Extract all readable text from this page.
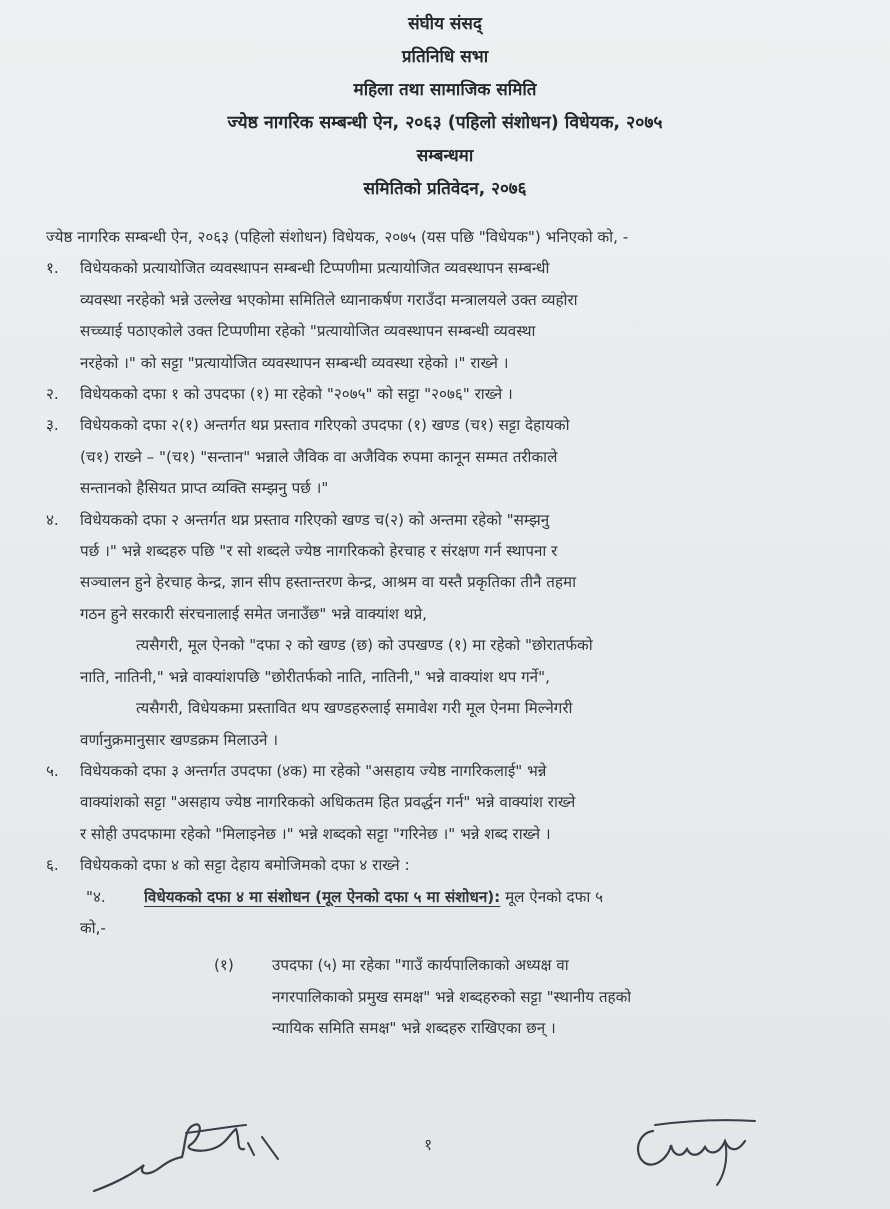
संघीय संसद्
प्रतिनिधि सभा
महिला तथा सामाजिक समिति
ज्येष्ठ नागरिक सम्बन्धी ऐन, २०६३ (पहिलो संशोधन) विधेयक, २०७५
सम्बन्धमा
समितिको प्रतिवेदन, २०७६
ज्येष्ठ नागरिक सम्बन्धी ऐन, २०६३ (पहिलो संशोधन) विधेयक, २०७५ (यस पछि "विधेयक") भनिएको को, -
१.	विधेयकको प्रत्यायोजित व्यवस्थापन सम्बन्धी टिप्पणीमा प्रत्यायोजित व्यवस्थापन सम्बन्धी
व्यवस्था नरहेको भन्ने उल्लेख भएकोमा समितिले ध्यानाकर्षण गराउँदा मन्त्रालयले उक्त व्यहोरा
सच्च्याई पठाएकोले उक्त टिप्पणीमा रहेको "प्रत्यायोजित व्यवस्थापन सम्बन्धी व्यवस्था
नरहेको ।" को सट्टा "प्रत्यायोजित व्यवस्थापन सम्बन्धी व्यवस्था रहेको ।" राख्ने ।
२.	विधेयकको दफा १ को उपदफा (१) मा रहेको "२०७५" को सट्टा "२०७६" राख्ने ।
३.	विधेयकको दफा २(१) अन्तर्गत थप्न प्रस्ताव गरिएको उपदफा (१) खण्ड (च१) सट्टा देहायको
(च१) राख्ने – "(च१) "सन्तान" भन्नाले जैविक वा अजैविक रुपमा कानून सम्मत तरीकाले
सन्तानको हैसियत प्राप्त व्यक्ति सम्झनु पर्छ ।"
४.	विधेयकको दफा २ अन्तर्गत थप्न प्रस्ताव गरिएको खण्ड च(२) को अन्तमा रहेको "सम्झनु
पर्छ ।" भन्ने शब्दहरु पछि "र सो शब्दले ज्येष्ठ नागरिकको हेरचाह र संरक्षण गर्न स्थापना र
सञ्चालन हुने हेरचाह केन्द्र, ज्ञान सीप हस्तान्तरण केन्द्र, आश्रम वा यस्तै प्रकृतिका तीनै तहमा
गठन हुने सरकारी संरचनालाई समेत जनाउँछ" भन्ने वाक्यांश थप्ने,
त्यसैगरी, मूल ऐनको "दफा २ को खण्ड (छ) को उपखण्ड (१) मा रहेको "छोरातर्फको
नाति, नातिनी," भन्ने वाक्यांशपछि "छोरीतर्फको नाति, नातिनी," भन्ने वाक्यांश थप गर्ने",
त्यसैगरी, विधेयकमा प्रस्तावित थप खण्डहरुलाई समावेश गरी मूल ऐनमा मिल्नेगरी
वर्णानुक्रमानुसार खण्डक्रम मिलाउने ।
५.	विधेयकको दफा ३ अन्तर्गत उपदफा (४क) मा रहेको "असहाय ज्येष्ठ नागरिकलाई" भन्ने
वाक्यांशको सट्टा "असहाय ज्येष्ठ नागरिकको अधिकतम हित प्रवर्द्धन गर्न" भन्ने वाक्यांश राख्ने
र सोही उपदफामा रहेको "मिलाइनेछ ।" भन्ने शब्दको सट्टा "गरिनेछ ।" भन्ने शब्द राख्ने ।
६.	विधेयकको दफा ४ को सट्टा देहाय बमोजिमको दफा ४ राख्ने :
"४.	विधेयकको दफा ४ मा संशोधन (मूल ऐनको दफा ५ मा संशोधन): मूल ऐनको दफा ५
को,-
(१)	उपदफा (५) मा रहेका "गाउँ कार्यपालिकाको अध्यक्ष वा
नगरपालिकाको प्रमुख समक्ष" भन्ने शब्दहरुको सट्टा "स्थानीय तहको
न्यायिक समिति समक्ष" भन्ने शब्दहरु राखिएका छन् ।
१
